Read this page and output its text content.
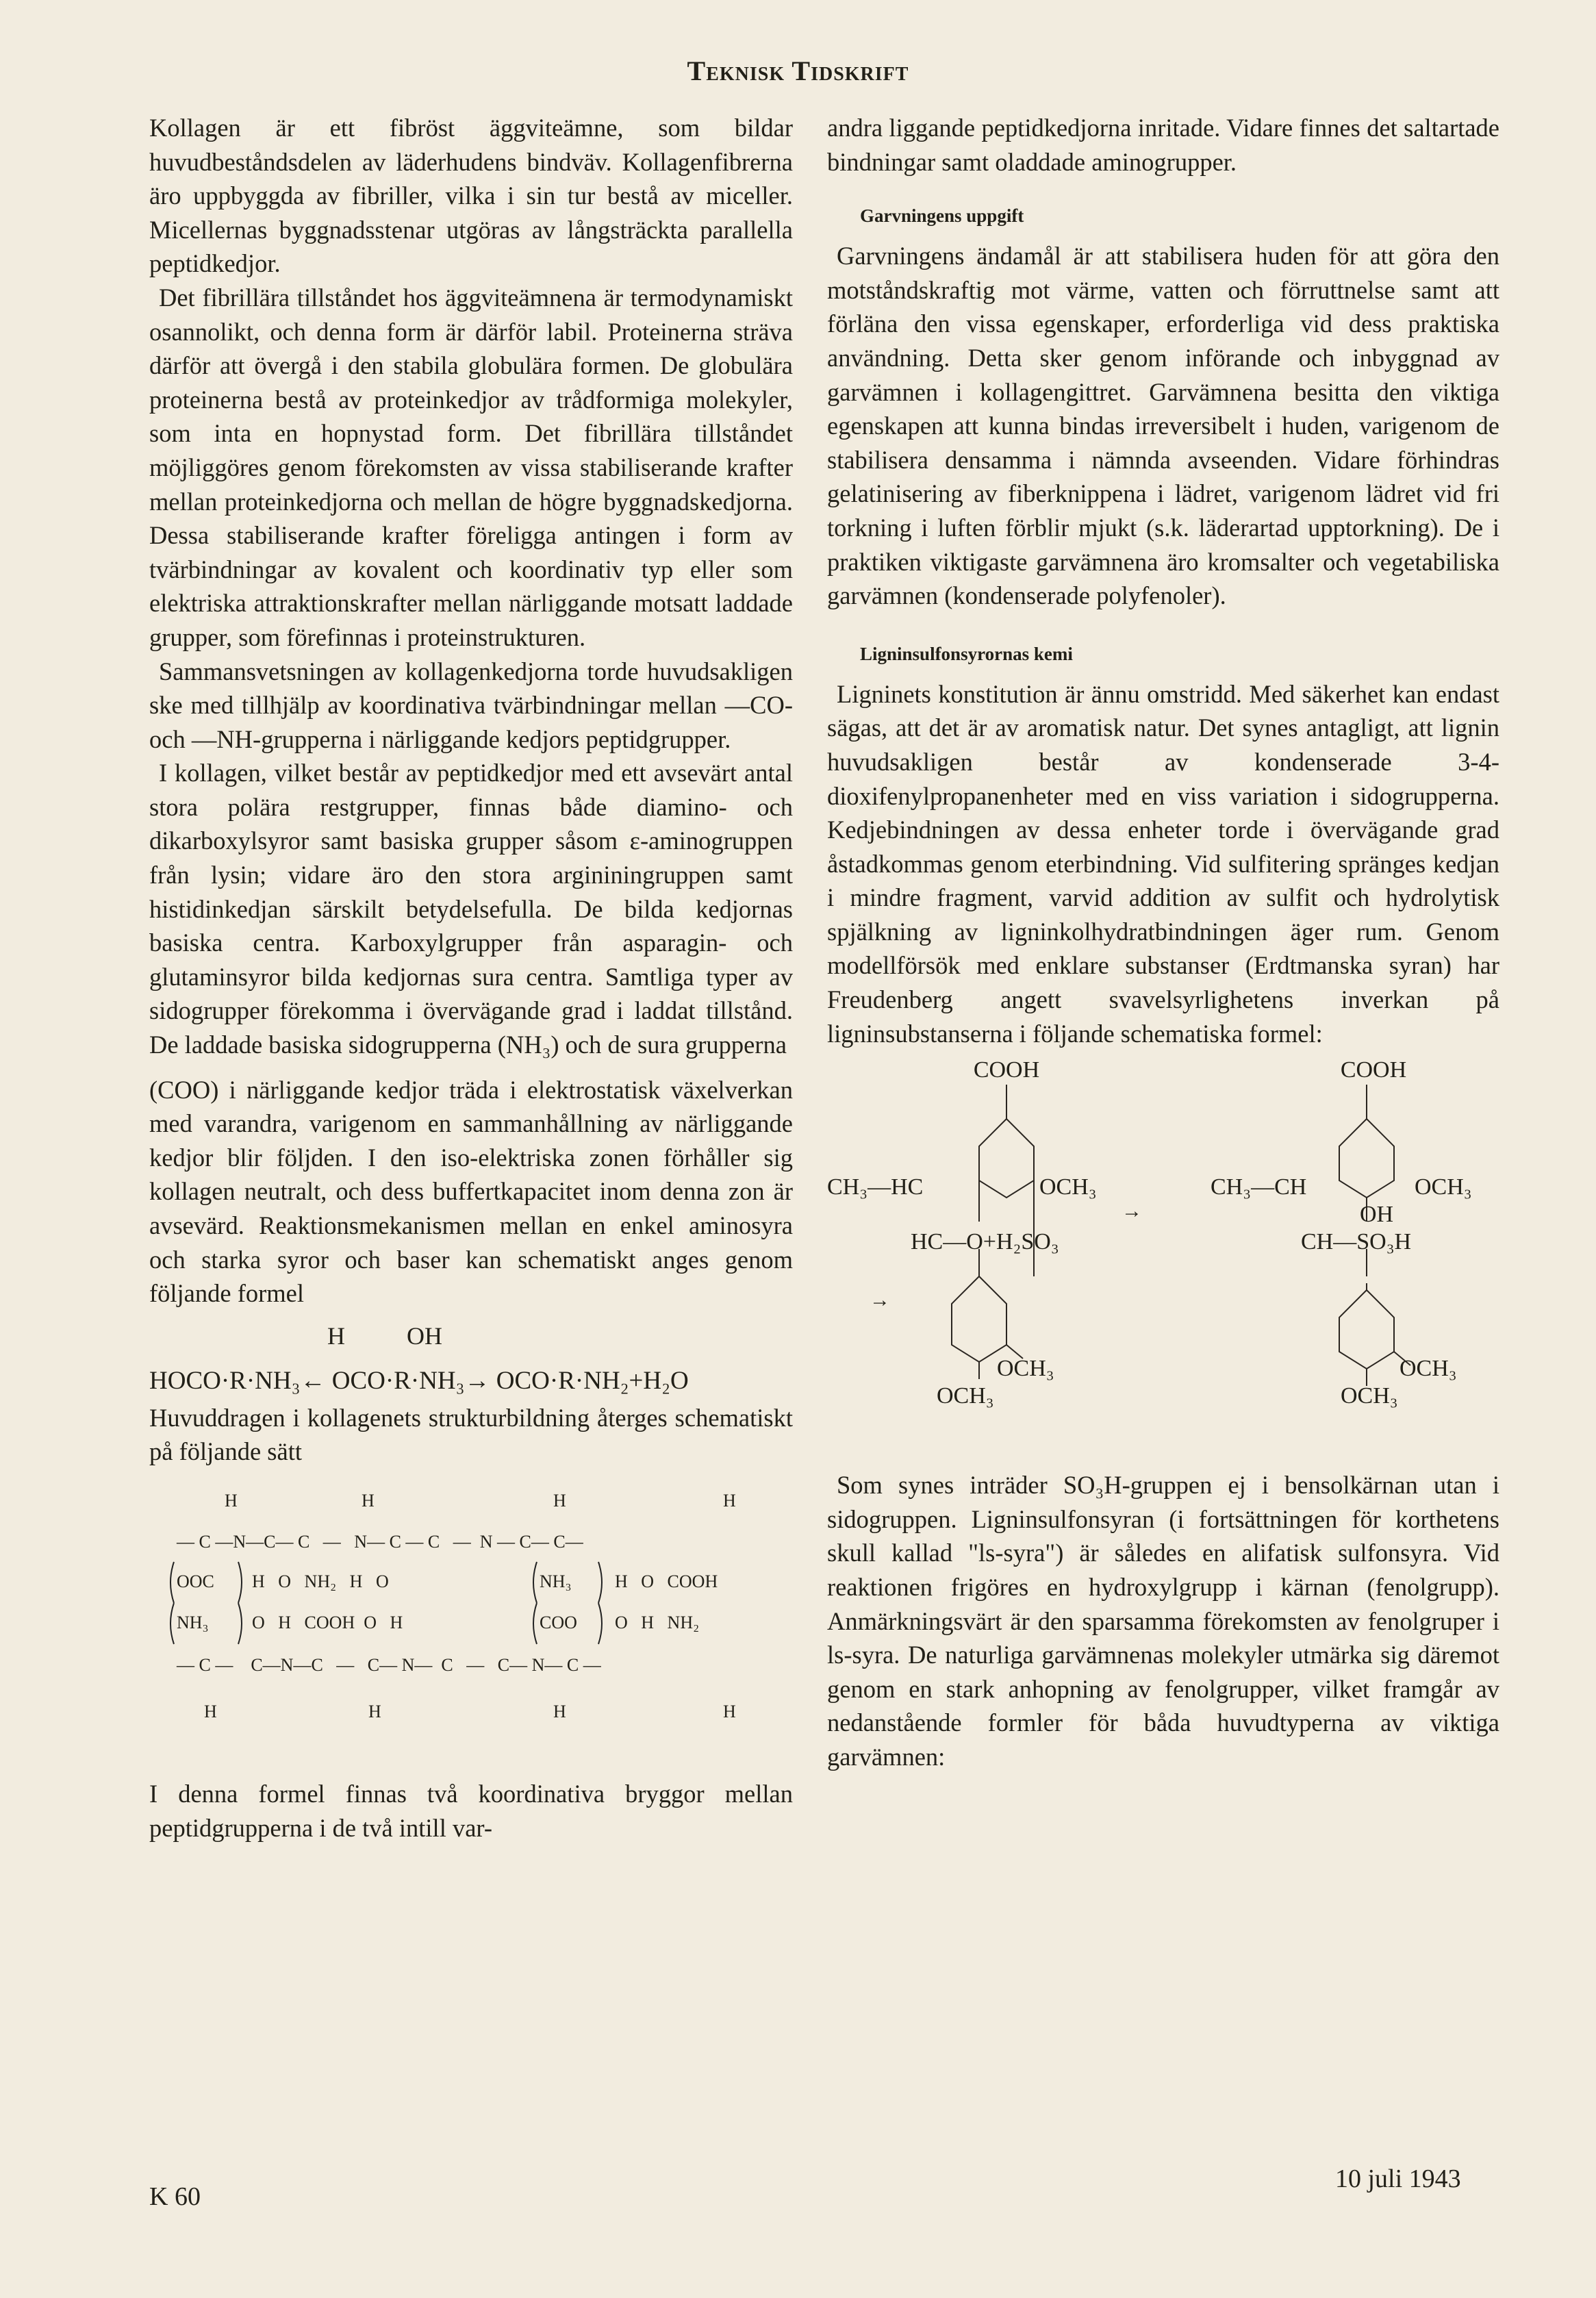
Teknisk Tidskrift

Kollagen är ett fibröst äggviteämne, som bildar huvudbeståndsdelen av läderhudens bindväv. Kollagenfibrerna äro uppbyggda av fibriller, vilka i sin tur bestå av miceller. Micellernas byggnadsstenar utgöras av långsträckta parallella peptidkedjor.

Det fibrillära tillståndet hos äggviteämnena är termodynamiskt osannolikt, och denna form är därför labil. Proteinerna sträva därför att övergå i den stabila globulära formen. De globulära proteinerna bestå av proteinkedjor av trådformiga molekyler, som inta en hopnystad form. Det fibrillära tillståndet möjliggöres genom förekomsten av vissa stabiliserande krafter mellan proteinkedjorna och mellan de högre byggnadskedjorna. Dessa stabiliserande krafter föreligga antingen i form av tvärbindningar av kovalent och koordinativ typ eller som elektriska attraktionskrafter mellan närliggande motsatt laddade grupper, som förefinnas i proteinstrukturen.

Sammansvetsningen av kollagenkedjorna torde huvudsakligen ske med tillhjälp av koordinativa tvärbindningar mellan —CO- och —NH-grupperna i närliggande kedjors peptidgrupper.

I kollagen, vilket består av peptidkedjor med ett avsevärt antal stora polära restgrupper, finnas både diamino- och dikarboxylsyror samt basiska grupper såsom ε-aminogruppen från lysin; vidare äro den stora argininingruppen samt histidinkedjan särskilt betydelsefulla. De bilda kedjornas basiska centra. Karboxylgrupper från asparagin- och glutaminsyror bilda kedjornas sura centra. Samtliga typer av sidogrupper förekomma i övervägande grad i laddat tillstånd. De laddade basiska sidogrupperna (NH₃) och de sura grupperna

(COO) i närliggande kedjor träda i elektrostatisk växelverkan med varandra, varigenom en sammanhållning av närliggande kedjor blir följden. I den iso-elektriska zonen förhåller sig kollagen neutralt, och dess buffertkapacitet inom denna zon är avsevärd. Reaktionsmekanismen mellan en enkel aminosyra och starka syror och baser kan schematiskt anges genom följande formel

H          OH
HOCO·R·NH₃← OCO·R·NH₃→ OCO·R·NH₂+H₂O

Huvuddragen i kollagenets strukturbildning återges schematiskt på följande sätt

H	H	H	H
— C —N—C— C   —   N— C — C   —  N — C— C—
OOC H   O   NH₂   H   O	NH₃ H   O   COOH
NH₃ O   H   COOH  O   H	COO O   H   NH₂
— C —    C—N—C   —   C— N—  C   —   C— N— C —
H	H	H	H

I denna formel finnas två koordinativa bryggor mellan peptidgrupperna i de två intill var-

andra liggande peptidkedjorna inritade. Vidare finnes det saltartade bindningar samt oladdade aminogrupper.

Garvningens uppgift

Garvningens ändamål är att stabilisera huden för att göra den motståndskraftig mot värme, vatten och förruttnelse samt att förläna den vissa egenskaper, erforderliga vid dess praktiska användning. Detta sker genom införande och inbyggnad av garvämnen i kollagengittret. Garvämnena besitta den viktiga egenskapen att kunna bindas irreversibelt i huden, varigenom de stabilisera densamma i nämnda avseenden. Vidare förhindras gelatinisering av fiberknippena i lädret, varigenom lädret vid fri torkning i luften förblir mjukt (s.k. läderartad upptorkning). De i praktiken viktigaste garvämnena äro kromsalter och vegetabiliska garvämnen (kondenserade polyfenoler).

Ligninsulfonsyrornas kemi

Ligninets konstitution är ännu omstridd. Med säkerhet kan endast sägas, att det är av aromatisk natur. Det synes antagligt, att lignin huvudsakligen består av kondenserade 3-4-dioxifenylpropanenheter med en viss variation i sidogrupperna. Kedjebindningen av dessa enheter torde i övervägande grad åstadkommas genom eterbindning. Vid sulfitering spränges kedjan i mindre fragment, varvid addition av sulfit och hydrolytisk spjälkning av ligninkolhydratbindningen äger rum. Genom modellförsök med enklare substanser (Erdtmanska syran) har Freudenberg angett svavelsyrlighetens inverkan på ligninsubstanserna i följande schematiska formel:

COOH	COOH
CH₃—HC	OCH₃	CH₃—CH	OCH₃
→	OH
HC—O+H₂SO₃	CH—SO₃H
→
OCH₃
OCH₃
OCH₃
OCH₃

Som synes inträder SO₃H-gruppen ej i bensolkärnan utan i sidogruppen. Ligninsulfonsyran (i fortsättningen för korthetens skull kallad "ls-syra") är således en alifatisk sulfonsyra. Vid reaktionen frigöres en hydroxylgrupp i kärnan (fenolgrupp). Anmärkningsvärt är den sparsamma förekomsten av fenolgruper i ls-syra. De naturliga garvämnenas molekyler utmärka sig däremot genom en stark anhopning av fenolgrupper, vilket framgår av nedanstående formler för båda huvudtyperna av viktiga garvämnen:

K 60
10 juli 1943
